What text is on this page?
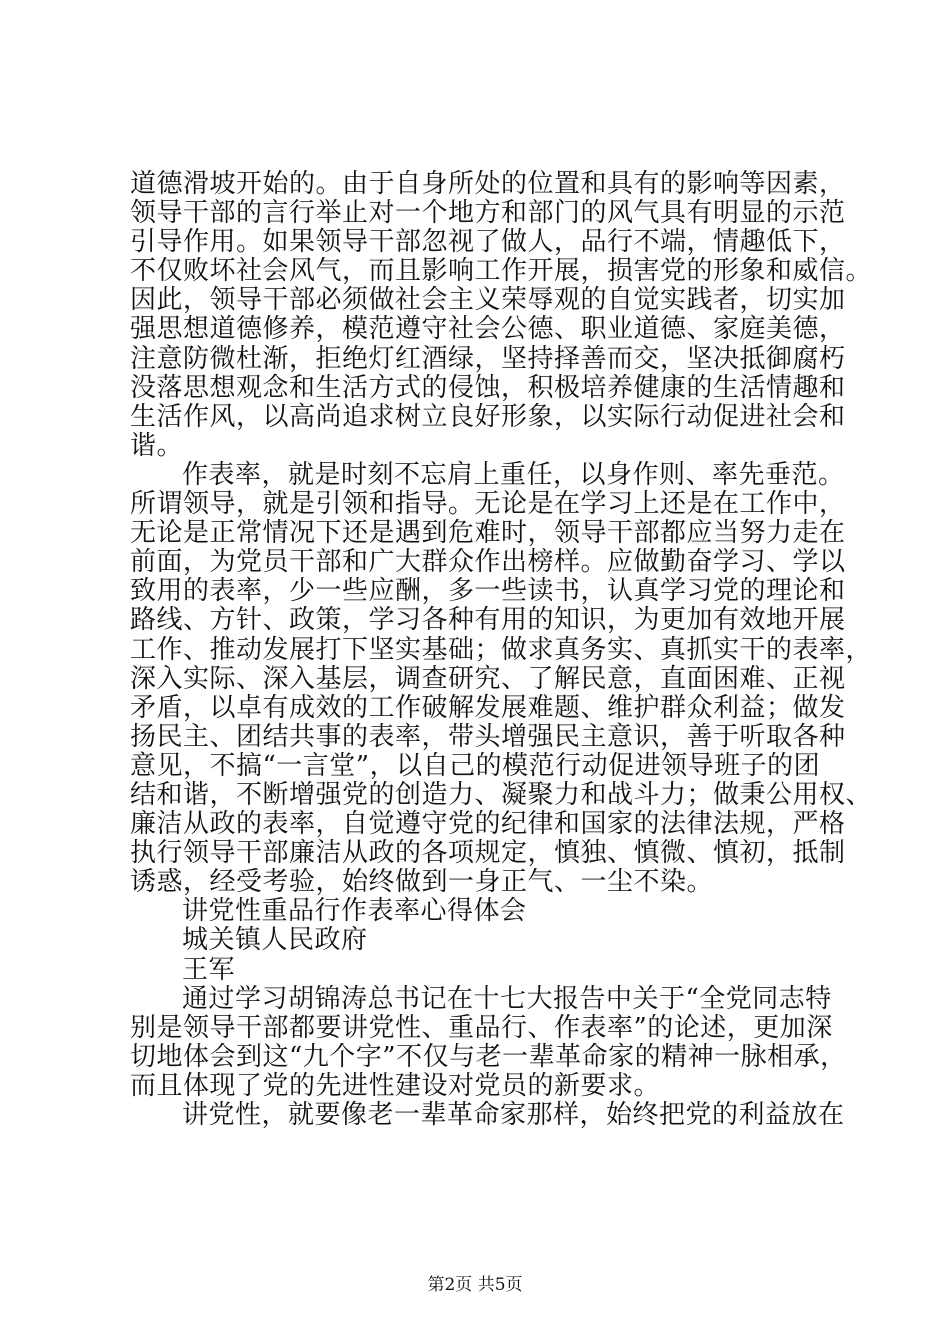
道德滑坡开始的。由于自身所处的位置和具有的影响等因素，
领导干部的言行举止对一个地方和部门的风气具有明显的示范
引导作用。如果领导干部忽视了做人，品行不端，情趣低下，
不仅败坏社会风气，而且影响工作开展，损害党的形象和威信。
因此，领导干部必须做社会主义荣辱观的自觉实践者，切实加
强思想道德修养，模范遵守社会公德、职业道德、家庭美德，
注意防微杜渐，拒绝灯红酒绿，坚持择善而交，坚决抵御腐朽
没落思想观念和生活方式的侵蚀，积极培养健康的生活情趣和
生活作风，以高尚追求树立良好形象，以实际行动促进社会和
谐。
作表率，就是时刻不忘肩上重任，以身作则、率先垂范。
所谓领导，就是引领和指导。无论是在学习上还是在工作中，
无论是正常情况下还是遇到危难时，领导干部都应当努力走在
前面，为党员干部和广大群众作出榜样。应做勤奋学习、学以
致用的表率，少一些应酬，多一些读书，认真学习党的理论和
路线、方针、政策，学习各种有用的知识，为更加有效地开展
工作、推动发展打下坚实基础；做求真务实、真抓实干的表率，
深入实际、深入基层，调查研究、了解民意，直面困难、正视
矛盾，以卓有成效的工作破解发展难题、维护群众利益；做发
扬民主、团结共事的表率，带头增强民主意识，善于听取各种
意见，不搞“一言堂”，以自己的模范行动促进领导班子的团
结和谐，不断增强党的创造力、凝聚力和战斗力；做秉公用权、
廉洁从政的表率，自觉遵守党的纪律和国家的法律法规，严格
执行领导干部廉洁从政的各项规定，慎独、慎微、慎初，抵制
诱惑，经受考验，始终做到一身正气、一尘不染。
讲党性重品行作表率心得体会
城关镇人民政府
王军
通过学习胡锦涛总书记在十七大报告中关于“全党同志特
别是领导干部都要讲党性、重品行、作表率”的论述，更加深
切地体会到这“九个字”不仅与老一辈革命家的精神一脉相承，
而且体现了党的先进性建设对党员的新要求。
讲党性，就要像老一辈革命家那样，始终把党的利益放在
第2页 共5页
